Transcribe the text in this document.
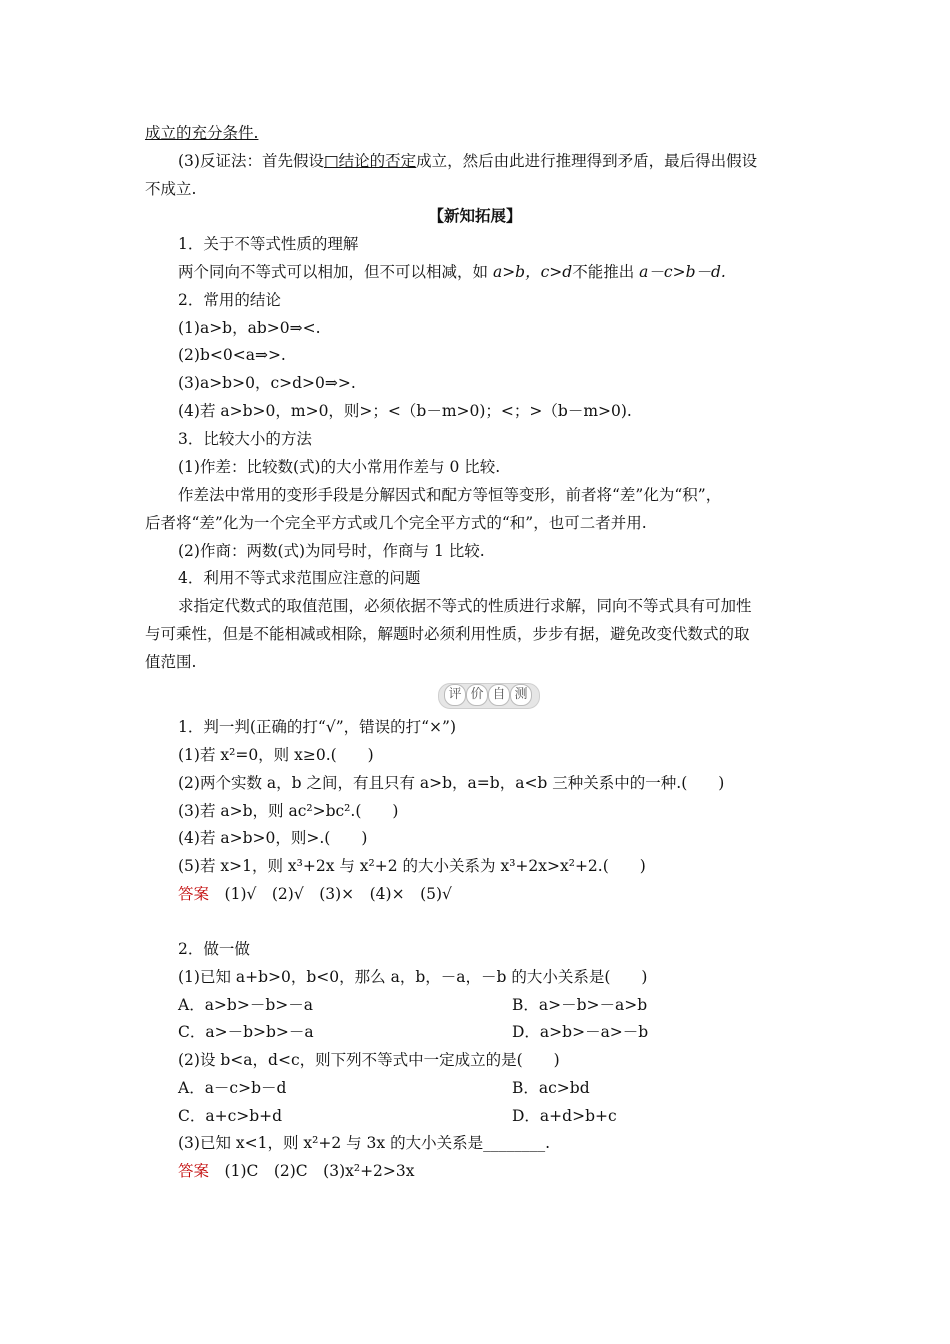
成立的充分条件.
(3)反证法：首先假设□结论的否定成立，然后由此进行推理得到矛盾，最后得出假设
不成立.
【新知拓展】
1．关于不等式性质的理解
两个同向不等式可以相加，但不可以相减，如 a>b，c>d不能推出 a－c>b－d.
2．常用的结论
(1)a>b，ab>0⇒<.
(2)b<0<a⇒>.
(3)a>b>0，c>d>0⇒>.
(4)若 a>b>0，m>0，则>；<（b－m>0)；<；>（b－m>0).
3．比较大小的方法
(1)作差：比较数(式)的大小常用作差与 0 比较.
作差法中常用的变形手段是分解因式和配方等恒等变形，前者将“差”化为“积”，
后者将“差”化为一个完全平方式或几个完全平方式的“和”，也可二者并用.
(2)作商：两数(式)为同号时，作商与 1 比较.
4．利用不等式求范围应注意的问题
求指定代数式的取值范围，必须依据不等式的性质进行求解，同向不等式具有可加性
与可乘性，但是不能相减或相除，解题时必须利用性质，步步有据，避免改变代数式的取
值范围.
评 价 自 测
1．判一判(正确的打“√”，错误的打“×”)
(1)若 x²=0，则 x≥0.(　　)
(2)两个实数 a，b 之间，有且只有 a>b，a=b，a<b 三种关系中的一种.(　　)
(3)若 a>b，则 ac²>bc².(　　)
(4)若 a>b>0，则>.(　　)
(5)若 x>1，则 x³+2x 与 x²+2 的大小关系为 x³+2x>x²+2.(　　)
答案　 (1)√　(2)√　(3)×　(4)×　(5)√
2．做一做
(1)已知 a+b>0，b<0，那么 a，b，－a，－b 的大小关系是(　　)
A．a>b>－b>－a	B．a>－b>－a>b
C．a>－b>b>－a	D．a>b>－a>－b
(2)设 b<a，d<c，则下列不等式中一定成立的是(　　)
A．a－c>b－d	B．ac>bd
C．a+c>b+d	D．a+d>b+c
(3)已知 x<1，则 x²+2 与 3x 的大小关系是________.
答案　 (1)C　(2)C　(3)x²+2>3x
